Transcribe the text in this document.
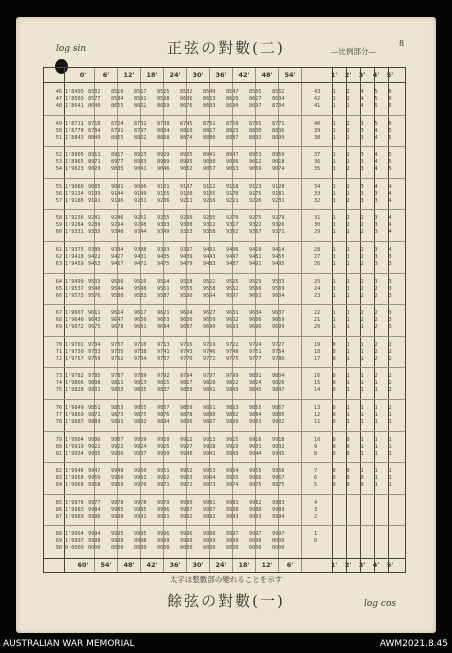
log sin	正弦の對數(二)	—比例部分—
8
0'	6'	12'	18'	24'	30'	36'	42'	48'	54'	1'	2'	3'	4'	5'
46 1̄·8495 8502 8510 8517 8525 8532 8540 8547 8555 8562	43	1	2	4	5	6
47 1̄·8569 8577 8584 8591 8598 8606 8613 8620 8627 8634	42	1	2	4	5	6
48 1̄·8641 8648 8655 8662 8669 8676 8683 8690 8697 8704	41	1	2	4	5	6
49 1̄·8711 8718 8724 8731 8738 8745 8751 8758 8765 8771	40	1	2	3	5	6
50 1̄·8778 8784 8791 8797 8804 8810 8817 8823 8830 8836	39	1	2	3	4	5
51 1̄·8843 8849 8855 8862 8868 8874 8880 8887 8893 8899	38	1	2	3	4	5
52 1̄·8905 8911 8917 8923 8929 8935 8941 8947 8953 8959	37	1	2	3	4	5
53 1̄·8965 8971 8977 8983 8989 8995 9000 9006 9012 9018	36	1	2	3	4	5
54 1̄·9023 9029 9035 9041 9046 9052 9057 9063 9069 9074	35	1	2	3	4	5
55 1̄·9080 9085 9091 9096 9101 9107 9112 9118 9123 9128	34	1	2	3	4	4
56 1̄·9134 9139 9144 9149 9155 9160 9165 9170 9175 9181	33	1	2	3	3	4
57 1̄·9186 9191 9196 9201 9206 9211 9216 9221 9226 9231	32	1	2	3	3	4
58 1̄·9236 9241 9246 9251 9255 9260 9265 9270 9275 9279	31	1	2	2	3	4
59 1̄·9284 9289 9294 9298 9303 9308 9312 9317 9322 9326	30	1	2	2	3	4
60 1̄·9331 9335 9340 9344 9349 9353 9358 9362 9367 9371	29	1	1	2	3	4
61 1̄·9375 9380 9384 9388 9393 9397 9401 9406 9410 9414	28	1	1	2	3	4
62 1̄·9418 9422 9427 9431 9435 9439 9443 9447 9451 9455	27	1	1	2	3	3
63 1̄·9459 9463 9467 9471 9475 9479 9483 9487 9491 9495	26	1	1	2	3	3
64 1̄·9499 9503 9506 9510 9514 9518 9522 9525 9529 9533	25	1	1	2	3	3
65 1̄·9537 9540 9544 9548 9551 9555 9558 9562 9566 9569	24	1	1	2	2	3
66 1̄·9573 9576 9580 9583 9587 9590 9594 9597 9601 9604	23	1	1	2	2	3
67 1̄·9607 9611 9614 9617 9621 9624 9627 9631 9634 9637	22	1	1	2	2	3
68 1̄·9640 9643 9647 9650 9653 9656 9659 9662 9666 9669	21	1	1	2	2	3
69 1̄·9672 9675 9678 9681 9684 9687 9690 9693 9696 9699	20	1	1	1	2	3
70 1̄·9702 9704 9707 9710 9713 9716 9719 9722 9724 9727	19	0	1	1	2	2
71 1̄·9730 9733 9735 9738 9741 9743 9746 9749 9751 9754	18	0	1	1	2	2
72 1̄·9757 9759 9762 9764 9767 9770 9772 9775 9777 9780	17	0	1	1	2	2
73 1̄·9782 9785 9787 9789 9792 9794 9797 9799 9801 9804	16	0	1	1	2	2
74 1̄·9806 9808 9811 9813 9815 9817 9820 9822 9824 9826	15	0	1	1	1	2
75 1̄·9828 9831 9833 9835 9837 9839 9841 9843 9845 9847	14	0	1	1	1	2
76 1̄·9849 9851 9853 9855 9857 9859 9861 9863 9865 9867	13	0	1	1	1	2
77 1̄·9869 9871 9873 9875 9876 9878 9880 9882 9884 9885	12	0	1	1	1	1
78 1̄·9887 9889 9891 9892 9894 9896 9897 9899 9901 9902	11	0	1	1	1	1
79 1̄·9904 9906 9907 9909 9910 9912 9913 9915 9916 9918	10	0	0	1	1	1
80 1̄·9919 9921 9922 9924 9925 9927 9928 9929 9931 9932	9	0	0	1	1	1
81 1̄·9934 9935 9936 9937 9939 9940 9941 9943 9944 9945	8	0	0	1	1	1
82 1̄·9946 9947 9949 9950 9951 9952 9953 9954 9955 9956	7	0	0	1	1	1
83 1̄·9958 9959 9960 9961 9962 9963 9964 9965 9966 9967	6	0	0	0	1	1
84 1̄·9968 9968 9969 9970 9971 9972 9973 9974 9975 9975	5	0	0	0	1	1
85 1̄·9976 9977 9978 9978 9979 9980 9981 9981 9982 9983	4
86 1̄·9983 9984 9985 9985 9986 9987 9987 9988 9988 9989	3
87 1̄·9989 9990 9990 9991 9991 9992 9992 9993 9993 9994	2
88 1̄·9994 9994 9995 9995 9996 9996 9996 9997 9997 9997	1
89 1̄·9997 9998 9998 9998 9999 9999 9999 9999 0000 0000	0
90 0·0000 0000 0000 0000 0000 0000 0000 0000 0000 0000
60'	54'	48'	42'	36'	30'	24'	18'	12'	6'	1'	2'	3'	4'	5'
太字は整數部の變れることを示す
餘弦の對數(一)	log cos
AUSTRALIAN WAR MEMORIAL	AWM2021.8.45
